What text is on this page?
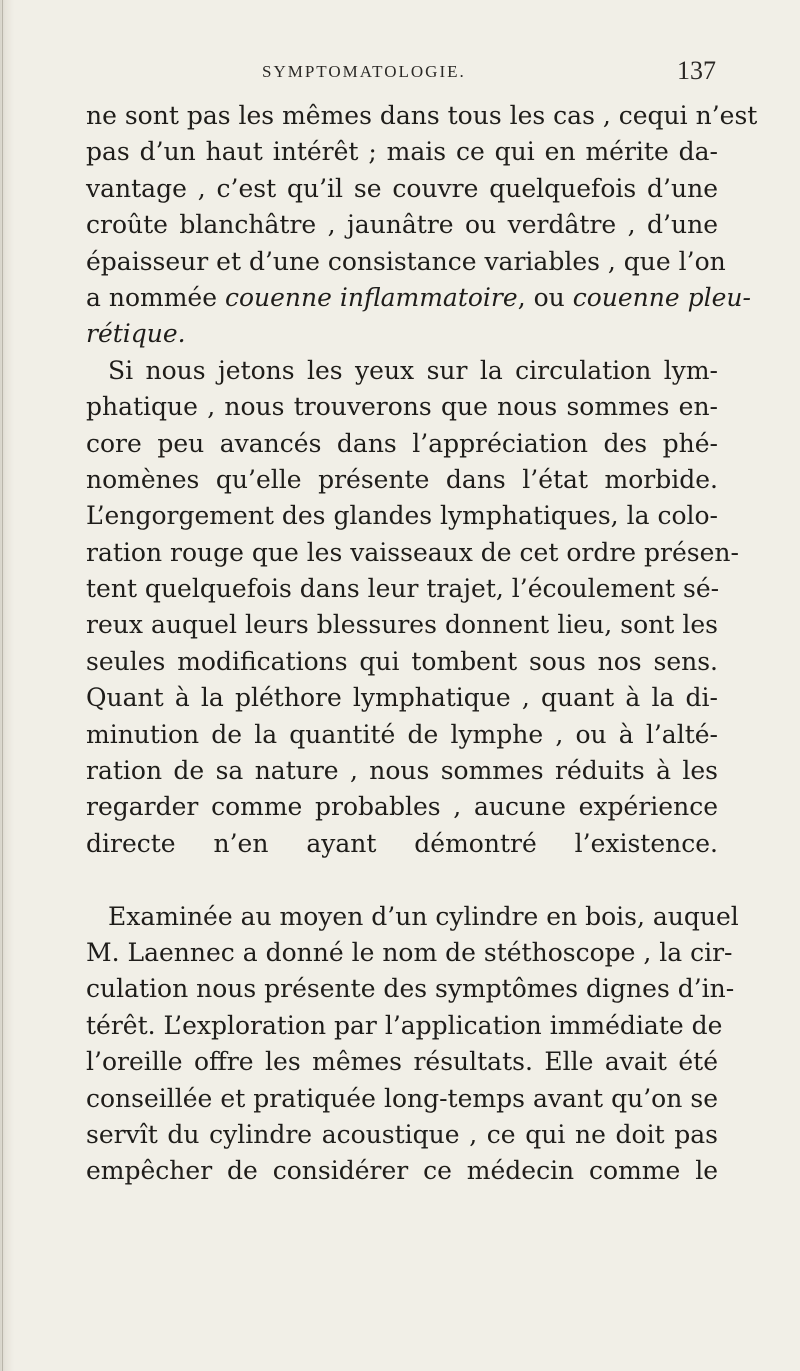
SYMPTOMATOLOGIE.	137
ne sont pas les mêmes dans tous les cas , cequi n’est
pas d’un haut intérêt ; mais ce qui en mérite da-
vantage , c’est qu’il se couvre quelquefois d’une
croûte blanchâtre , jaunâtre ou verdâtre , d’une
épaisseur et d’une consistance variables , que l’on
a nommée couenne inflammatoire, ou couenne pleu-
rétique.
Si nous jetons les yeux sur la circulation lym-
phatique , nous trouverons que nous sommes en-
core peu avancés dans l’appréciation des phé-
nomènes qu’elle présente dans l’état morbide.
L’engorgement des glandes lymphatiques, la colo-
ration rouge que les vaisseaux de cet ordre présen-
tent quelquefois dans leur trajet, l’écoulement sé-
reux auquel leurs blessures donnent lieu, sont les
seules modifications qui tombent sous nos sens.
Quant à la pléthore lymphatique , quant à la di-
minution de la quantité de lymphe , ou à l’alté-
ration de sa nature , nous sommes réduits à les
regarder comme probables , aucune expérience
directe n’en ayant démontré l’existence.
Examinée au moyen d’un cylindre en bois, auquel
M. Laennec a donné le nom de stéthoscope , la cir-
culation nous présente des symptômes dignes d’in-
térêt. L’exploration par l’application immédiate de
l’oreille offre les mêmes résultats. Elle avait été
conseillée et pratiquée long-temps avant qu’on se
servît du cylindre acoustique , ce qui ne doit pas
empêcher de considérer ce médecin comme le
